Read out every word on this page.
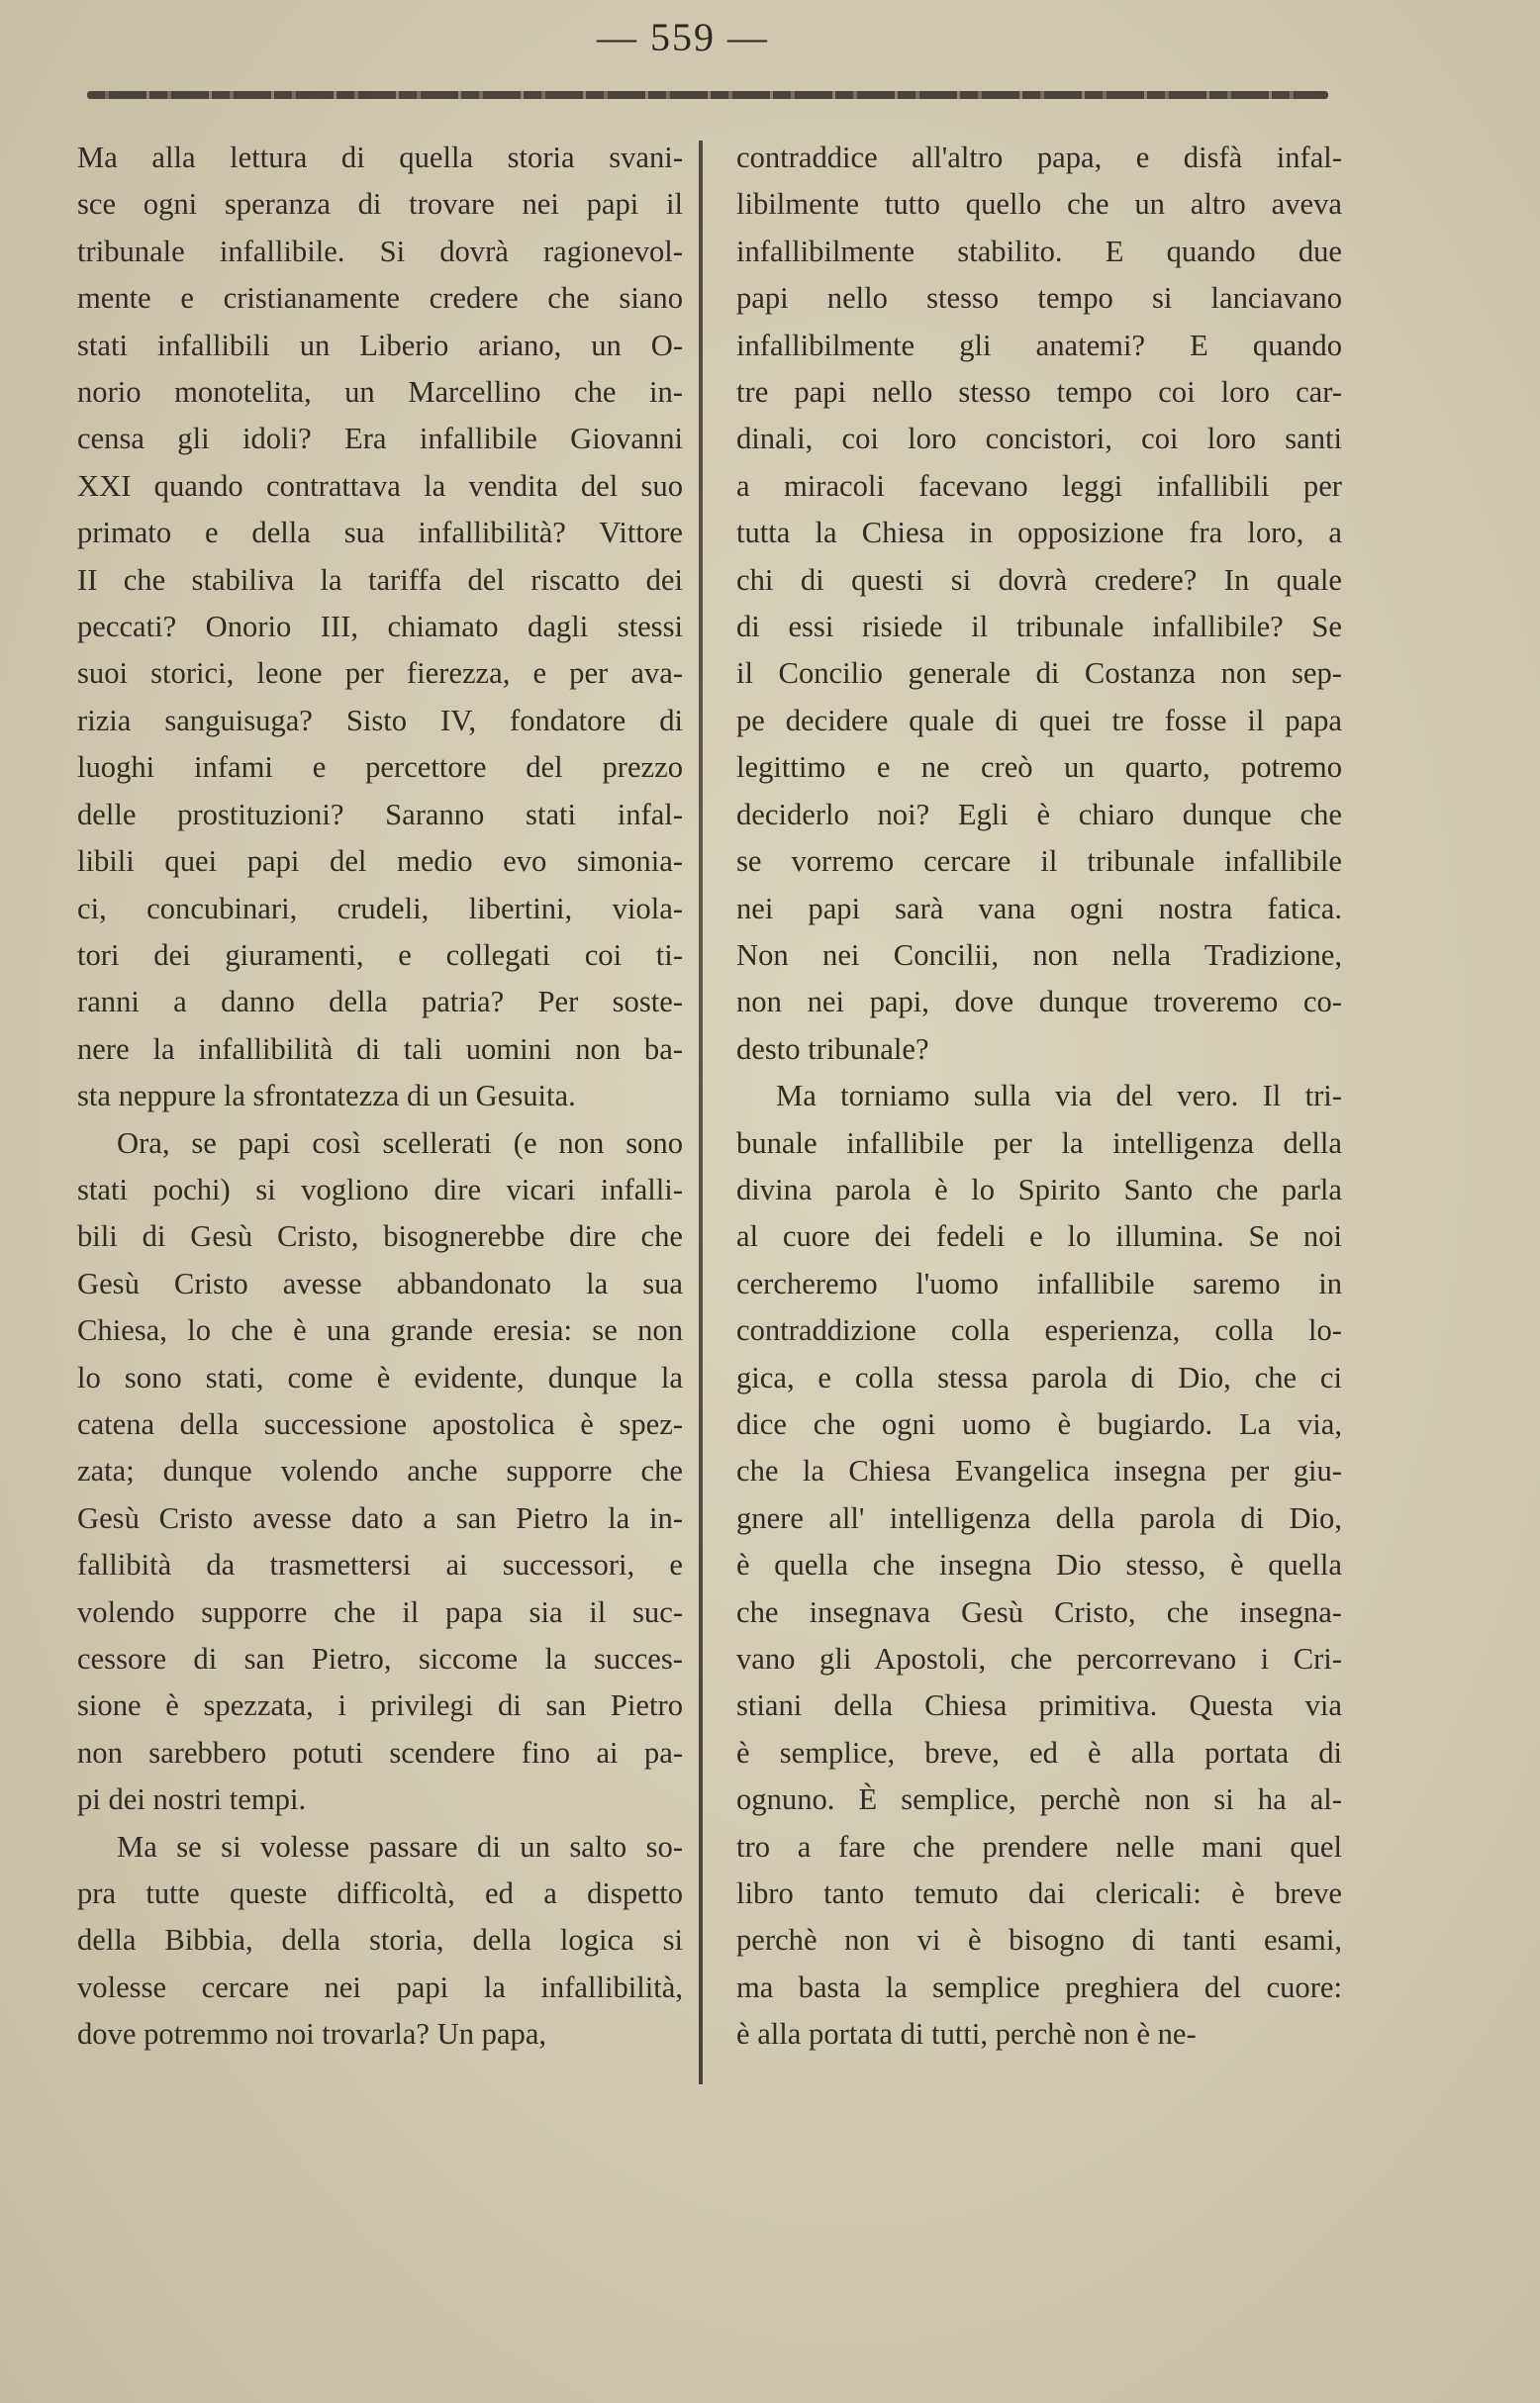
— 559 —

Ma alla lettura di quella storia svani-
sce ogni speranza di trovare nei papi il
tribunale infallibile. Si dovrà ragionevol-
mente e cristianamente credere che siano
stati infallibili un Liberio ariano, un O-
norio monotelita, un Marcellino che in-
censa gli idoli? Era infallibile Giovanni
XXI quando contrattava la vendita del suo
primato e della sua infallibilità? Vittore
II che stabiliva la tariffa del riscatto dei
peccati? Onorio III, chiamato dagli stessi
suoi storici, leone per fierezza, e per ava-
rizia sanguisuga? Sisto IV, fondatore di
luoghi infami e percettore del prezzo
delle prostituzioni? Saranno stati infal-
libili quei papi del medio evo simonia-
ci, concubinari, crudeli, libertini, viola-
tori dei giuramenti, e collegati coi ti-
ranni a danno della patria? Per soste-
nere la infallibilità di tali uomini non ba-
sta neppure la sfrontatezza di un Gesuita.

Ora, se papi così scellerati (e non sono
stati pochi) si vogliono dire vicari infalli-
bili di Gesù Cristo, bisognerebbe dire che
Gesù Cristo avesse abbandonato la sua
Chiesa, lo che è una grande eresia: se non
lo sono stati, come è evidente, dunque la
catena della successione apostolica è spez-
zata; dunque volendo anche supporre che
Gesù Cristo avesse dato a san Pietro la in-
fallibità da trasmettersi ai successori, e
volendo supporre che il papa sia il suc-
cessore di san Pietro, siccome la succes-
sione è spezzata, i privilegi di san Pietro
non sarebbero potuti scendere fino ai pa-
pi dei nostri tempi.

Ma se si volesse passare di un salto so-
pra tutte queste difficoltà, ed a dispetto
della Bibbia, della storia, della logica si
volesse cercare nei papi la infallibilità,
dove potremmo noi trovarla? Un papa,

contraddice all'altro papa, e disfà infal-
libilmente tutto quello che un altro aveva
infallibilmente stabilito. E quando due
papi nello stesso tempo si lanciavano
infallibilmente gli anatemi? E quando
tre papi nello stesso tempo coi loro car-
dinali, coi loro concistori, coi loro santi
a miracoli facevano leggi infallibili per
tutta la Chiesa in opposizione fra loro, a
chi di questi si dovrà credere? In quale
di essi risiede il tribunale infallibile? Se
il Concilio generale di Costanza non sep-
pe decidere quale di quei tre fosse il papa
legittimo e ne creò un quarto, potremo
deciderlo noi? Egli è chiaro dunque che
se vorremo cercare il tribunale infallibile
nei papi sarà vana ogni nostra fatica.
Non nei Concilii, non nella Tradizione,
non nei papi, dove dunque troveremo co-
desto tribunale?

Ma torniamo sulla via del vero. Il tri-
bunale infallibile per la intelligenza della
divina parola è lo Spirito Santo che parla
al cuore dei fedeli e lo illumina. Se noi
cercheremo l'uomo infallibile saremo in
contraddizione colla esperienza, colla lo-
gica, e colla stessa parola di Dio, che ci
dice che ogni uomo è bugiardo. La via,
che la Chiesa Evangelica insegna per giu-
gnere all' intelligenza della parola di Dio,
è quella che insegna Dio stesso, è quella
che insegnava Gesù Cristo, che insegna-
vano gli Apostoli, che percorrevano i Cri-
stiani della Chiesa primitiva. Questa via
è semplice, breve, ed è alla portata di
ognuno. È semplice, perchè non si ha al-
tro a fare che prendere nelle mani quel
libro tanto temuto dai clericali: è breve
perchè non vi è bisogno di tanti esami,
ma basta la semplice preghiera del cuore:
è alla portata di tutti, perchè non è ne-
